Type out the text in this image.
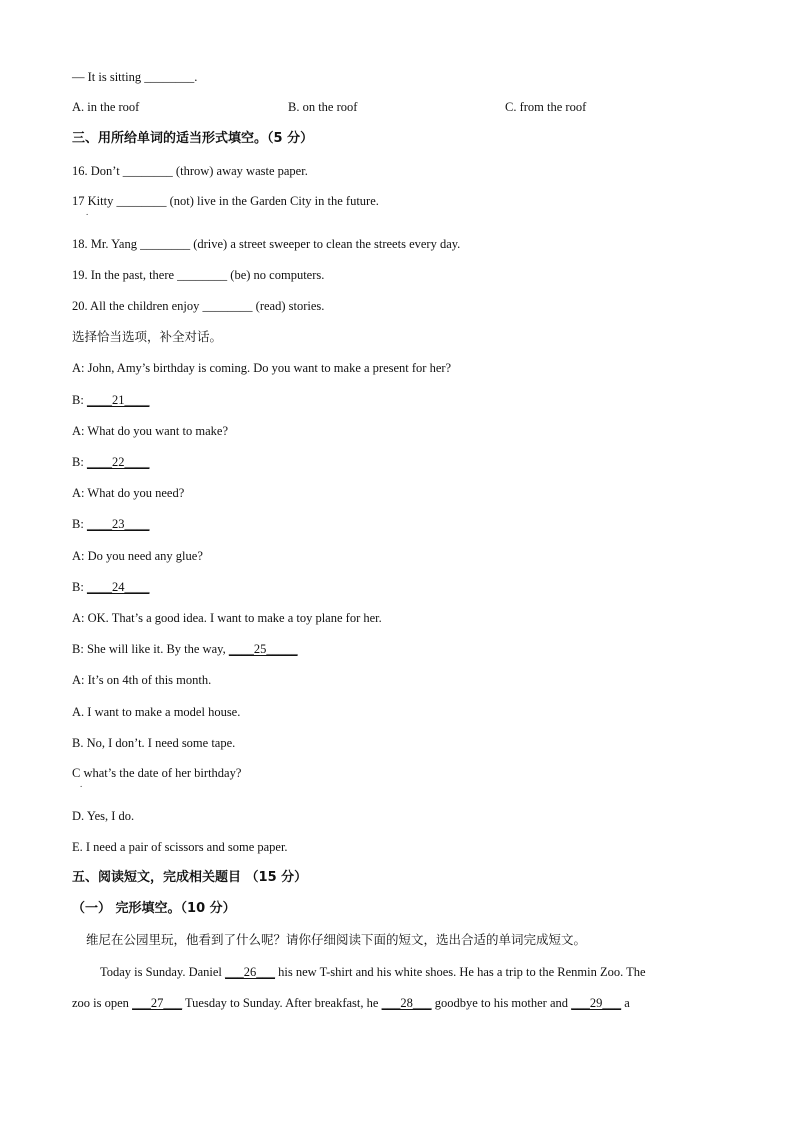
— It is sitting ________.
A. in the roof	B. on the roof	C. from the roof
三、用所给单词的适当形式填空。（5 分）
16. Don’t ________ (throw) away waste paper.
17 Kitty ________ (not) live in the Garden City in the future.
.
18. Mr. Yang ________ (drive) a street sweeper to clean the streets every day.
19. In the past, there ________ (be) no computers.
20. All the children enjoy ________ (read) stories.
选择恰当选项，补全对话。
A: John, Amy’s birthday is coming. Do you want to make a present for her?
B: ____21____
A: What do you want to make?
B: ____22____
A: What do you need?
B: ____23____
A: Do you need any glue?
B: ____24____
A: OK. That’s a good idea. I want to make a toy plane for her.
B: She will like it. By the way, ____25_____
A: It’s on 4th of this month.
A. I want to make a model house.
B. No, I don’t. I need some tape.
C what’s the date of her birthday?
.
D. Yes, I do.
E. I need a pair of scissors and some paper.
五、阅读短文，完成相关题目 （15 分）
（一） 完形填空。（10 分）
维尼在公园里玩，他看到了什么呢？请你仔细阅读下面的短文，选出合适的单词完成短文。
Today is Sunday. Daniel ___26___ his new T-shirt and his white shoes. He has a trip to the Renmin Zoo. The
zoo is open ___27___ Tuesday to Sunday. After breakfast, he ___28___ goodbye to his mother and ___29___ a
